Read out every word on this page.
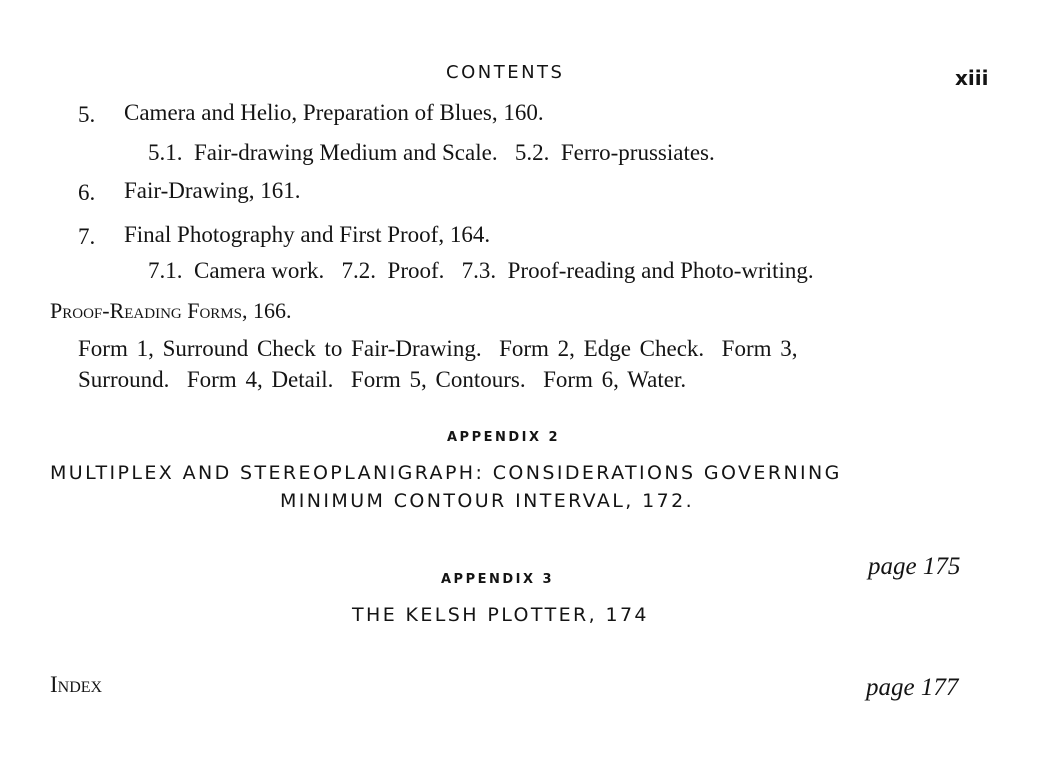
CONTENTS	xiii
5. Camera and Helio, Preparation of Blues, 160.
5.1.  Fair-drawing Medium and Scale.   5.2.  Ferro-prussiates.
6. Fair-Drawing, 161.
7. Final Photography and First Proof, 164.
7.1.  Camera work.   7.2.  Proof.   7.3.  Proof-reading and Photo-writing.
Proof-Reading Forms, 166.
Form 1, Surround Check to Fair-Drawing.  Form 2, Edge Check.  Form 3,
Surround.  Form 4, Detail.  Form 5, Contours.  Form 6, Water.
APPENDIX 2
MULTIPLEX AND STEREOPLANIGRAPH: CONSIDERATIONS GOVERNING
MINIMUM CONTOUR INTERVAL, 172.
page 175
APPENDIX 3
THE KELSH PLOTTER, 174
Index	page 177
